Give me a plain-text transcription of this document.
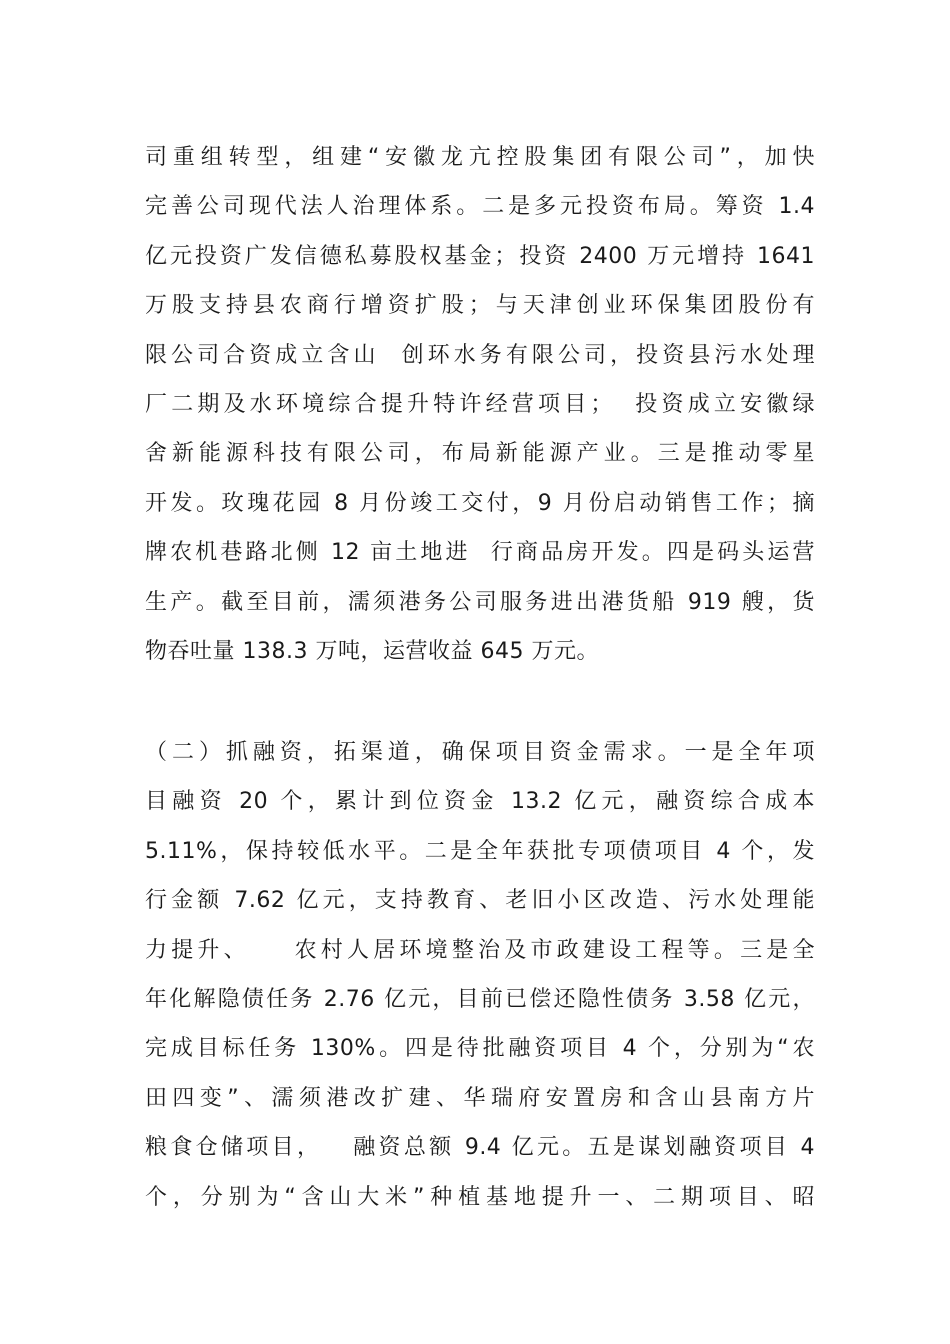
司重组转型，组建“安徽龙亢控股集团有限公司”，加快
完善公司现代法人治理体系。二是多元投资布局。筹资 1.4
亿元投资广发信德私募股权基金；投资 2400 万元增持 1641
万股支持县农商行增资扩股；与天津创业环保集团股份有
限公司合资成立含山  创环水务有限公司，投资县污水处理
厂二期及水环境综合提升特许经营项目；  投资成立安徽绿
舍新能源科技有限公司，布局新能源产业。三是推动零星
开发。玫瑰花园 8 月份竣工交付，9 月份启动销售工作；摘
牌农机巷路北侧 12 亩土地进  行商品房开发。四是码头运营
生产。截至目前，濡须港务公司服务进出港货船 919 艘，货
物吞吐量 138.3 万吨，运营收益 645 万元。
（二）抓融资，拓渠道，确保项目资金需求。一是全年项
目融资 20 个，累计到位资金 13.2 亿元，融资综合成本
5.11%，保持较低水平。二是全年获批专项债项目 4 个，发
行金额 7.62 亿元，支持教育、老旧小区改造、污水处理能
力提升、    农村人居环境整治及市政建设工程等。三是全
年化解隐债任务 2.76 亿元，目前已偿还隐性债务 3.58 亿元，
完成目标任务 130%。四是待批融资项目 4 个，分别为“农
田四变”、濡须港改扩建、华瑞府安置房和含山县南方片
粮食仓储项目，   融资总额 9.4 亿元。五是谋划融资项目 4
个，分别为“含山大米”种植基地提升一、二期项目、昭
